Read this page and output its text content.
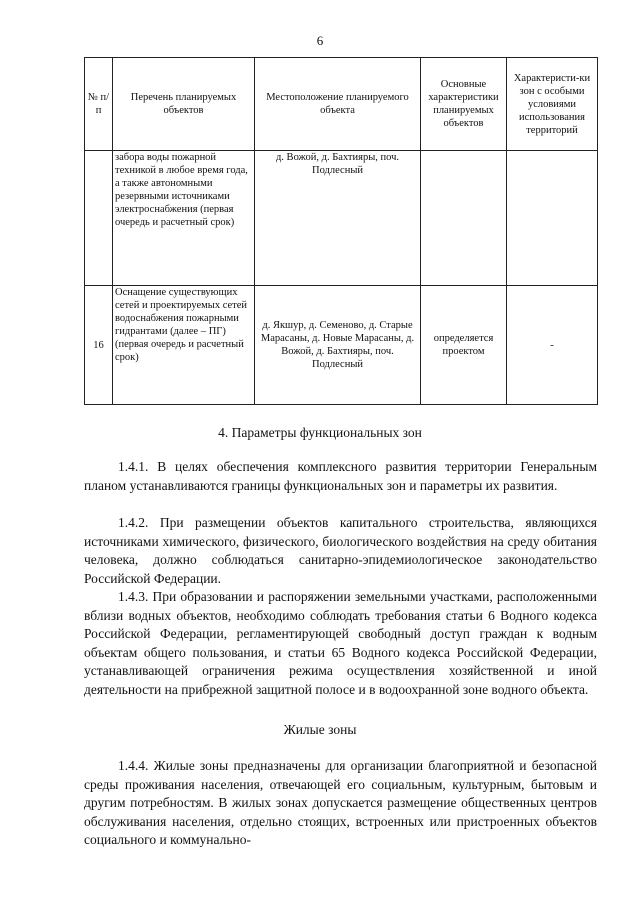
6
№ п/п	Перечень планируемых объектов	Местоположение планируемого объекта	Основные характеристики планируемых объектов	Характеристи-ки зон с особыми условиями использования территорий
	забора воды пожарной техникой в любое время года, а также автономными резервными источниками электроснабжения (первая очередь и расчетный срок)	д. Вожой, д. Бахтияры, поч. Подлесный		
16	Оснащение существующих сетей и проектируемых сетей водоснабжения пожарными гидрантами (далее – ПГ) (первая очередь и расчетный срок)	д. Якшур, д. Семеново, д. Старые Марасаны, д. Новые Марасаны, д. Вожой, д. Бахтияры, поч. Подлесный	определяется проектом	-
4. Параметры функциональных зон

1.4.1. В целях обеспечения комплексного развития территории Генеральным планом устанавливаются границы функциональных зон и параметры их развития.

1.4.2. При размещении объектов капитального строительства, являющихся источниками химического, физического, биологического воздействия на среду обитания человека, должно соблюдаться санитарно-эпидемиологическое законодательство Российской Федерации.

1.4.3. При образовании и распоряжении земельными участками, расположенными вблизи водных объектов, необходимо соблюдать требования статьи 6 Водного кодекса Российской Федерации, регламентирующей свободный доступ граждан к водным объектам общего пользования, и статьи 65 Водного кодекса Российской Федерации, устанавливающей ограничения режима осуществления хозяйственной и иной деятельности на прибрежной защитной полосе и в водоохранной зоне водного объекта.

Жилые зоны

1.4.4. Жилые зоны предназначены для организации благоприятной и безопасной среды проживания населения, отвечающей его социальным, культурным, бытовым и другим потребностям. В жилых зонах допускается размещение общественных центров обслуживания населения, отдельно стоящих, встроенных или пристроенных объектов социального и коммунально-
